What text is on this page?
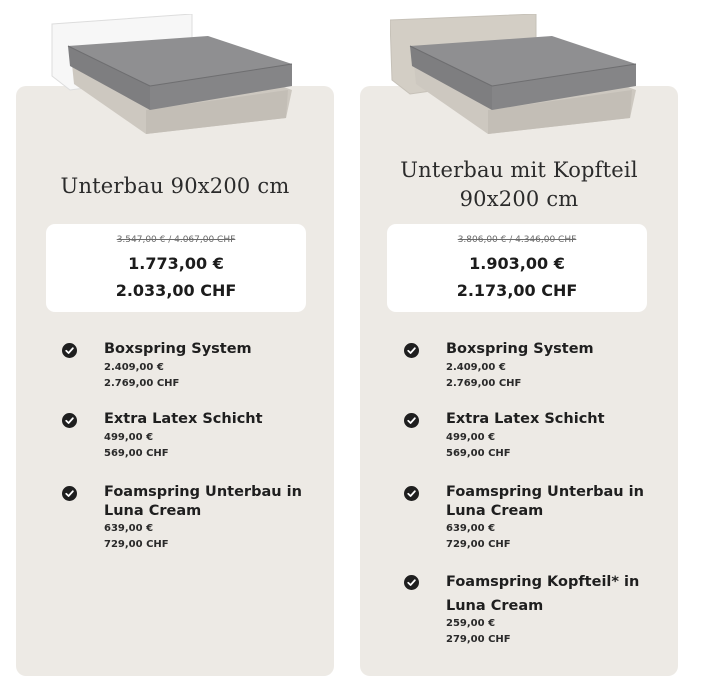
Unterbau 90x200 cm
3.547,00 € / 4.067,00 CHF
1.773,00 €
2.033,00 CHF
Boxspring System
2.409,00 €
2.769,00 CHF
Extra Latex Schicht
499,00 €
569,00 CHF
Foamspring Unterbau in Luna Cream
639,00 €
729,00 CHF
Unterbau mit Kopfteil
90x200 cm
3.806,00 € / 4.346,00 CHF
1.903,00 €
2.173,00 CHF
Boxspring System
2.409,00 €
2.769,00 CHF
Extra Latex Schicht
499,00 €
569,00 CHF
Foamspring Unterbau in Luna Cream
639,00 €
729,00 CHF
Foamspring Kopfteil* in Luna Cream
259,00 €
279,00 CHF
